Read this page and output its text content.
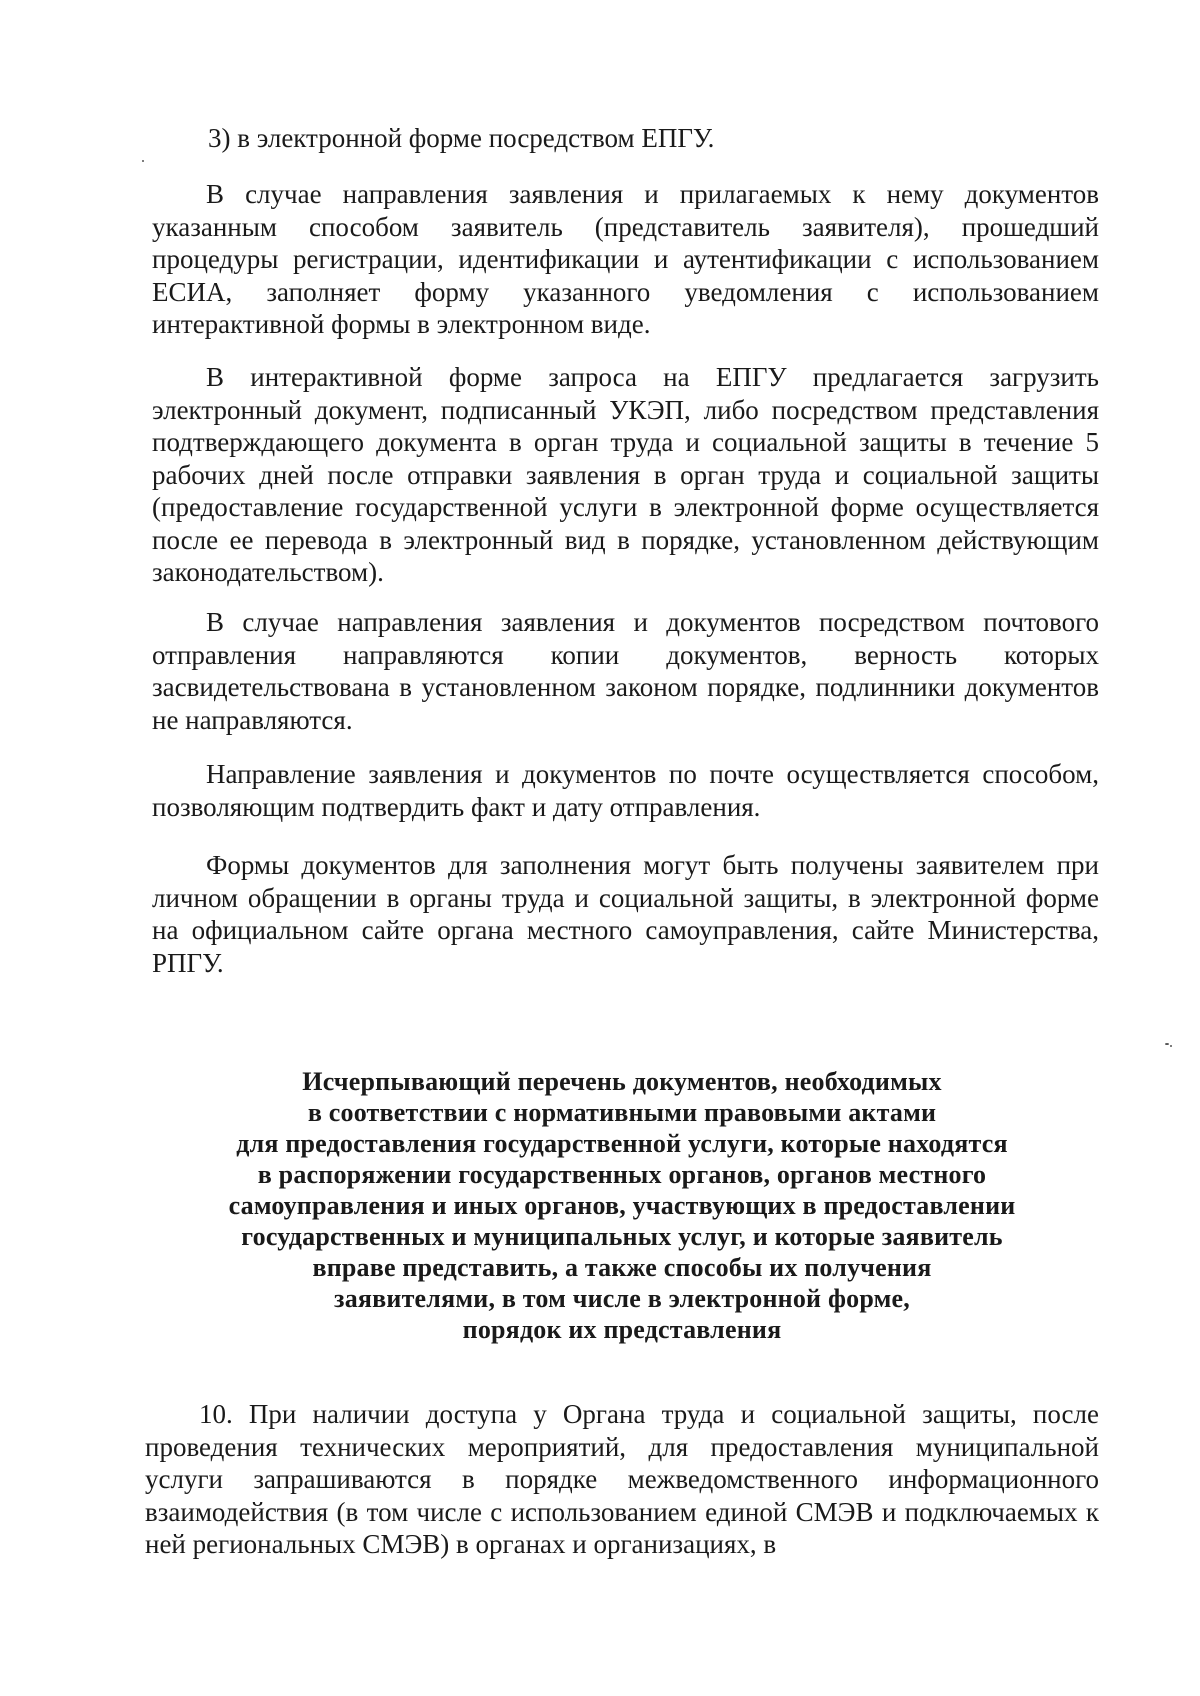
3) в электронной форме посредством ЕПГУ.

В случае направления заявления и прилагаемых к нему документов указанным способом заявитель (представитель заявителя), прошедший процедуры регистрации, идентификации и аутентификации с использованием ЕСИА, заполняет форму указанного уведомления с использованием интерактивной формы в электронном виде.

В интерактивной форме запроса на ЕПГУ предлагается загрузить электронный документ, подписанный УКЭП, либо посредством представления подтверждающего документа в орган труда и социальной защиты в течение 5 рабочих дней после отправки заявления в орган труда и социальной защиты (предоставление государственной услуги в электронной форме осуществляется после ее перевода в электронный вид в порядке, установленном действующим законодательством).

В случае направления заявления и документов посредством почтового отправления направляются копии документов, верность которых засвидетельствована в установленном законом порядке, подлинники документов не направляются.

Направление заявления и документов по почте осуществляется способом, позволяющим подтвердить факт и дату отправления.

Формы документов для заполнения могут быть получены заявителем при личном обращении в органы труда и социальной защиты, в электронной форме на официальном сайте органа местного самоуправления, сайте Министерства, РПГУ.

Исчерпывающий перечень документов, необходимых
в соответствии с нормативными правовыми актами
для предоставления государственной услуги, которые находятся
в распоряжении государственных органов, органов местного
самоуправления и иных органов, участвующих в предоставлении
государственных и муниципальных услуг, и которые заявитель
вправе представить, а также способы их получения
заявителями, в том числе в электронной форме,
порядок их представления

10. При наличии доступа у Органа труда и социальной защиты, после проведения технических мероприятий, для предоставления муниципальной услуги запрашиваются в порядке межведомственного информационного взаимодействия (в том числе с использованием единой СМЭВ и подключаемых к ней региональных СМЭВ) в органах и организациях, в
